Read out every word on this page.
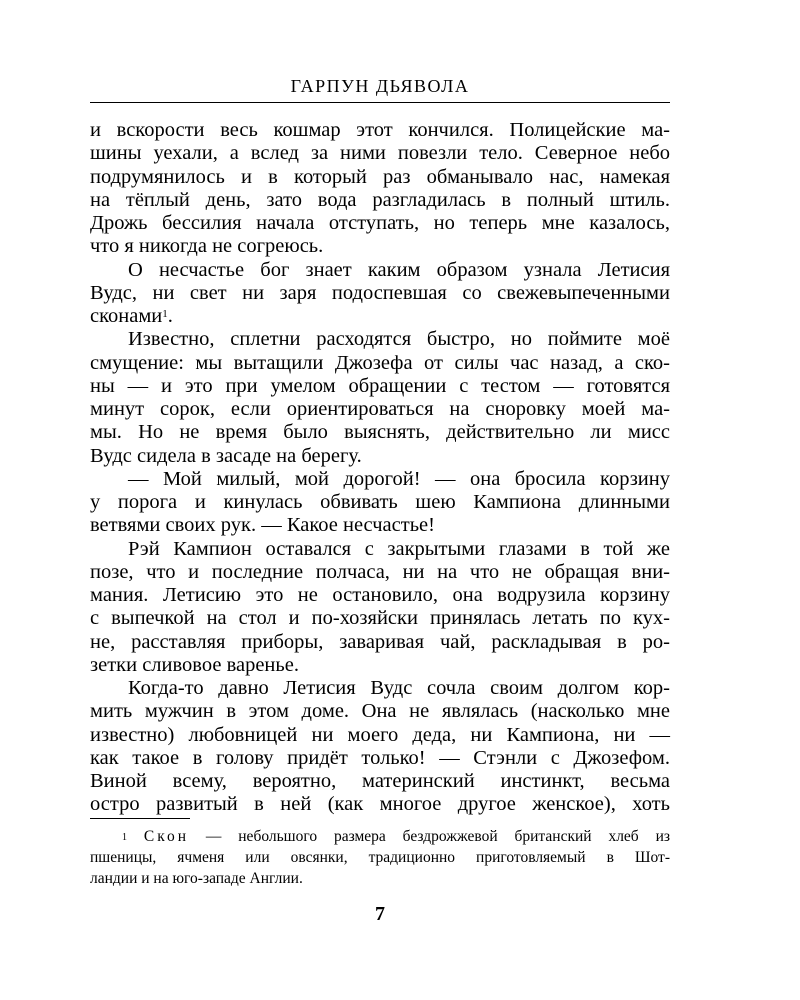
ГАРПУН ДЬЯВОЛА
и вскорости весь кошмар этот кончился. Полицейские ма-
шины уехали, а вслед за ними повезли тело. Северное небо
подрумянилось и в который раз обманывало нас, намекая
на тёплый день, зато вода разгладилась в полный штиль.
Дрожь бессилия начала отступать, но теперь мне казалось,
что я никогда не согреюсь.
О несчастье бог знает каким образом узнала Летисия
Вудс, ни свет ни заря подоспевшая со свежевыпеченными
сконами$^1$.
Известно, сплетни расходятся быстро, но поймите моё
смущение: мы вытащили Джозефа от силы час назад, а ско-
ны — и это при умелом обращении с тестом — готовятся
минут сорок, если ориентироваться на сноровку моей ма-
мы. Но не время было выяснять, действительно ли мисс
Вудс сидела в засаде на берегу.
— Мой милый, мой дорогой! — она бросила корзину
у порога и кинулась обвивать шею Кампиона длинными
ветвями своих рук. — Какое несчастье!
Рэй Кампион оставался с закрытыми глазами в той же
позе, что и последние полчаса, ни на что не обращая вни-
мания. Летисию это не остановило, она водрузила корзину
с выпечкой на стол и по-хозяйски принялась летать по кух-
не, расставляя приборы, заваривая чай, раскладывая в ро-
зетки сливовое варенье.
Когда-то давно Летисия Вудс сочла своим долгом кор-
мить мужчин в этом доме. Она не являлась (насколько мне
известно) любовницей ни моего деда, ни Кампиона, ни —
как такое в голову придёт только! — Стэнли с Джозефом.
Виной всему, вероятно, материнский инстинкт, весьма
остро развитый в ней (как многое другое женское), хоть
$^1$ Скон — небольшого размера бездрожжевой британский хлеб из
пшеницы, ячменя или овсянки, традиционно приготовляемый в Шот-
ландии и на юго-западе Англии.
7
